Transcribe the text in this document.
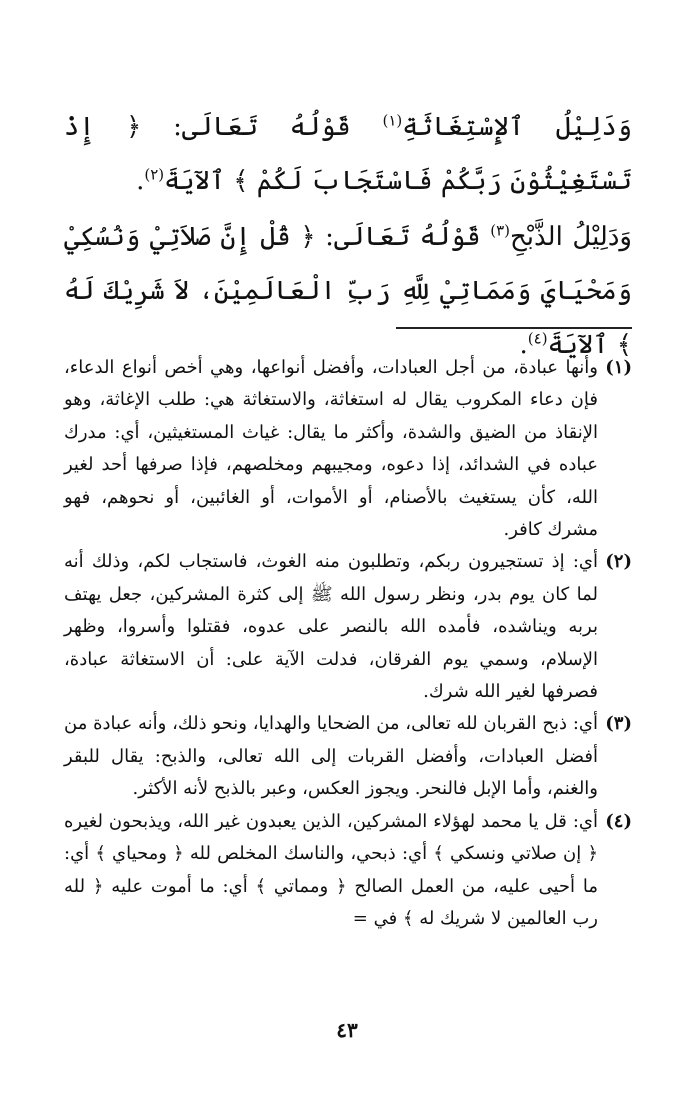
وَدَلِيْلُ ٱلإِسْتِغَاثَةِ$^{(١)}$ قَوْلُهُ تَعَالَى: ﴿ إِذْ تَسْتَغِيْثُوْنَ رَبَّكُمْ فَاسْتَجَابَ لَكُمْ ﴾ ٱلآيَةَ$^{(٢)}$.

وَدَلِيْلُ الذَّبْحِ$^{(٣)}$ قَوْلُهُ تَعَالَى: ﴿ قُلْ إِنَّ صَلاَتِيْ وَنُسُكِيْ وَمَحْيَايَ وَمَمَاتِيْ لِلَّهِ رَبِّ الْعَالَمِيْنَ، لاَ شَرِيْكَ لَهُ ﴾ ٱلآيَةَ$^{(٤)}$.

(١)وأنها عبادة، من أجل العبادات، وأفضل أنواعها، وهي أخص أنواع الدعاء، فإن دعاء المكروب يقال له استغاثة، والاستغاثة هي: طلب الإغاثة، وهو الإنقاذ من الضيق والشدة، وأكثر ما يقال: غياث المستغيثين، أي: مدرك عباده في الشدائد، إذا دعوه، ومجيبهم ومخلصهم، فإذا صرفها أحد لغير الله، كأن يستغيث بالأصنام، أو الأموات، أو الغائبين، أو نحوهم، فهو مشرك كافر.

(٢)أي: إذ تستجيرون ربكم، وتطلبون منه الغوث، فاستجاب لكم، وذلك أنه لما كان يوم بدر، ونظر رسول الله ﷺ إلى كثرة المشركين، جعل يهتف بربه ويناشده، فأمده الله بالنصر على عدوه، فقتلوا وأسروا، وظهر الإسلام، وسمي يوم الفرقان، فدلت الآية على: أن الاستغاثة عبادة، فصرفها لغير الله شرك.

(٣)أي: ذبح القربان لله تعالى، من الضحايا والهدايا، ونحو ذلك، وأنه عبادة من أفضل العبادات، وأفضل القربات إلى الله تعالى، والذبح: يقال للبقر والغنم، وأما الإبل فالنحر. ويجوز العكس، وعبر بالذبح لأنه الأكثر.

(٤)أي: قل يا محمد لهؤلاء المشركين، الذين يعبدون غير الله، ويذبحون لغيره ﴿ إن صلاتي ونسكي ﴾ أي: ذبحي، والناسك المخلص لله ﴿ ومحياي ﴾ أي: ما أحيى عليه، من العمل الصالح ﴿ ومماتي ﴾ أي: ما أموت عليه ﴿ لله رب العالمين لا شريك له ﴾ في =

٤٣
